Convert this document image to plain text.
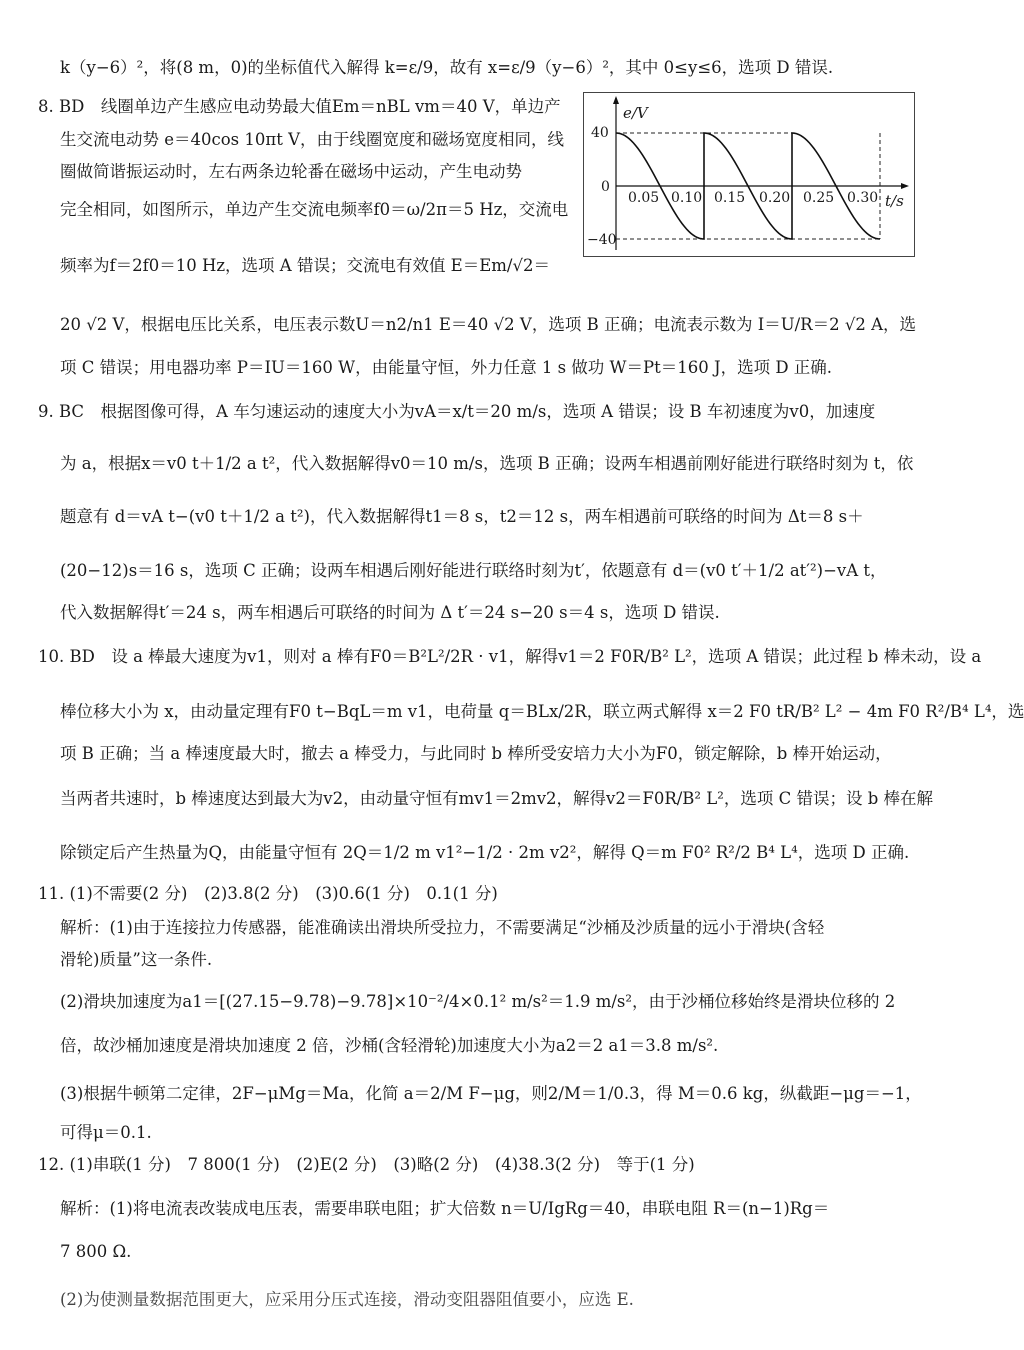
k（y−6）²，将(8 m，0)的坐标值代入解得 k=ε/9，故有 x=ε/9（y−6）²，其中 0≤y≤6，选项 D 错误.
8. BD　线圈单边产生感应电动势最大值Em＝nBL vm＝40 V，单边产
生交流电动势 e＝40cos 10πt V，由于线圈宽度和磁场宽度相同，线
圈做简谐振运动时，左右两条边轮番在磁场中运动，产生电动势
完全相同，如图所示，单边产生交流电频率f0＝ω/2π＝5 Hz，交流电
频率为f＝2f0＝10 Hz，选项 A 错误；交流电有效值 E＝Em/√2＝
20 √2 V，根据电压比关系，电压表示数U＝n2/n1 E＝40 √2 V，选项 B 正确；电流表示数为 I＝U/R＝2 √2 A，选
项 C 错误；用电器功率 P＝IU＝160 W，由能量守恒，外力任意 1 s 做功 W＝Pt＝160 J，选项 D 正确.
e/V
t/s
40
0
−40
0.05 0.10 0.15 0.20 0.25 0.30
9. BC　根据图像可得，A 车匀速运动的速度大小为vA＝x/t＝20 m/s，选项 A 错误；设 B 车初速度为v0，加速度
为 a，根据x＝v0 t＋1/2 a t²，代入数据解得v0＝10 m/s，选项 B 正确；设两车相遇前刚好能进行联络时刻为 t，依
题意有 d＝vA t−(v0 t＋1/2 a t²)，代入数据解得t1＝8 s，t2＝12 s，两车相遇前可联络的时间为 Δt＝8 s＋
(20−12)s＝16 s，选项 C 正确；设两车相遇后刚好能进行联络时刻为t′，依题意有 d＝(v0 t′＋1/2 at′²)−vA t，
代入数据解得t′＝24 s，两车相遇后可联络的时间为 Δ t′＝24 s−20 s＝4 s，选项 D 错误.
10. BD　设 a 棒最大速度为v1，则对 a 棒有F0＝B²L²/2R · v1，解得v1＝2 F0R/B² L²，选项 A 错误；此过程 b 棒未动，设 a
棒位移大小为 x，由动量定理有F0 t−BqL＝m v1，电荷量 q＝BLx/2R，联立两式解得 x＝2 F0 tR/B² L² − 4m F0 R²/B⁴ L⁴，选
项 B 正确；当 a 棒速度最大时，撤去 a 棒受力，与此同时 b 棒所受安培力大小为F0，锁定解除，b 棒开始运动，
当两者共速时，b 棒速度达到最大为v2，由动量守恒有mv1＝2mv2，解得v2＝F0R/B² L²，选项 C 错误；设 b 棒在解
除锁定后产生热量为Q，由能量守恒有 2Q＝1/2 m v1²−1/2 · 2m v2²，解得 Q＝m F0² R²/2 B⁴ L⁴，选项 D 正确.
11. (1)不需要(2 分)　(2)3.8(2 分)　(3)0.6(1 分)　0.1(1 分)
解析：(1)由于连接拉力传感器，能准确读出滑块所受拉力，不需要满足“沙桶及沙质量的远小于滑块(含轻
滑轮)质量”这一条件.
(2)滑块加速度为a1＝[(27.15−9.78)−9.78]×10⁻²/4×0.1² m/s²＝1.9 m/s²，由于沙桶位移始终是滑块位移的 2
倍，故沙桶加速度是滑块加速度 2 倍，沙桶(含轻滑轮)加速度大小为a2＝2 a1＝3.8 m/s².
(3)根据牛顿第二定律，2F−μMg＝Ma，化简 a＝2/M F−μg，则2/M＝1/0.3，得 M＝0.6 kg，纵截距−μg＝−1，
可得μ＝0.1.
12. (1)串联(1 分)　7 800(1 分)　(2)E(2 分)　(3)略(2 分)　(4)38.3(2 分)　等于(1 分)
解析：(1)将电流表改装成电压表，需要串联电阻；扩大倍数 n＝U/IgRg＝40，串联电阻 R＝(n−1)Rg＝
7 800 Ω.
(2)为使测量数据范围更大，应采用分压式连接，滑动变阻器阻值要小，应选 E.
